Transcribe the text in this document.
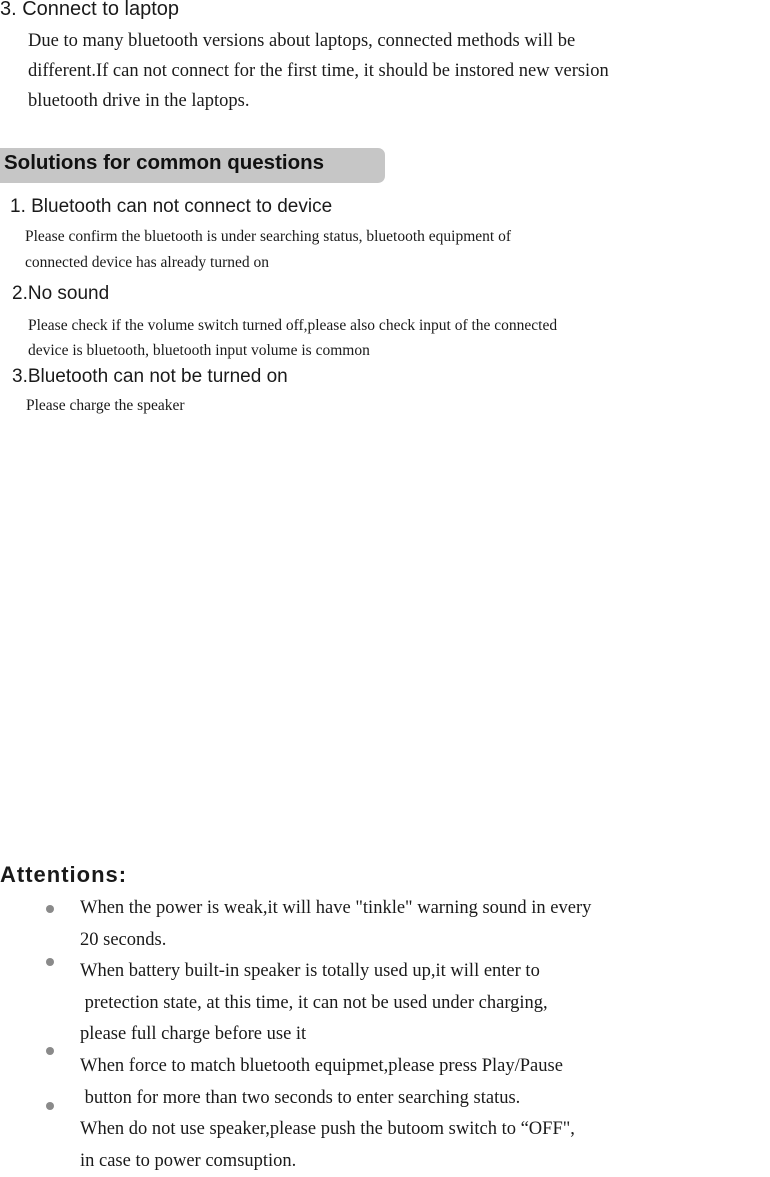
3. Connect to laptop
Due to many bluetooth versions about laptops, connected methods will be
different.If can not connect for the first time, it should be instored new version
bluetooth drive in the laptops.
Solutions for common questions
1. Bluetooth can not connect to device
Please confirm the bluetooth is under searching status, bluetooth equipment of
connected device has already turned on
2.No sound
Please check if the volume switch turned off,please also check input of the connected
device is bluetooth, bluetooth input volume is common
3.Bluetooth can not be turned on
Please charge the speaker
Attentions:
When the power is weak,it will have "tinkle" warning sound in every
20 seconds.
When battery built-in speaker is totally used up,it will enter to
pretection state, at this time, it can not be used under charging,
please full charge before use it
When force to match bluetooth equipmet,please press Play/Pause
button for more than two seconds to enter searching status.
When do not use speaker,please push the butoom switch to “OFF",
in case to power comsuption.
